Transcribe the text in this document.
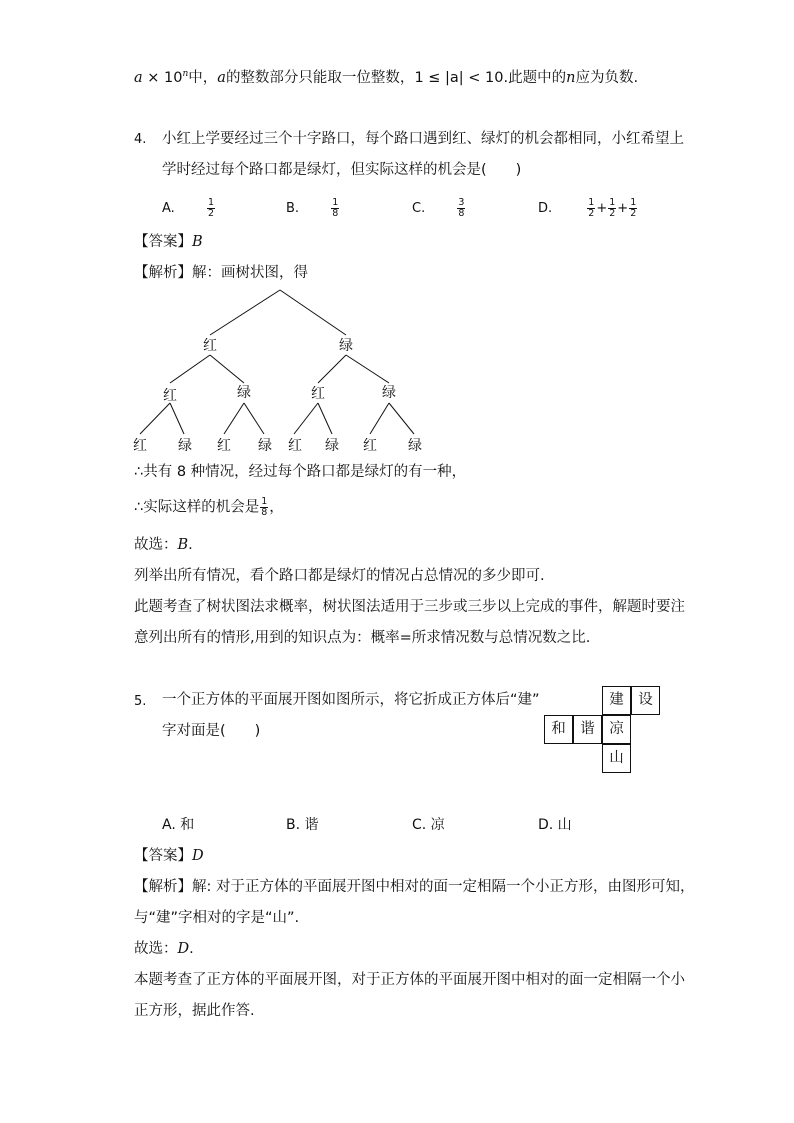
$a \times 10^n$中，a的整数部分只能取一位整数，1 ≤ |a| < 10.此题中的n应为负数.
4. 小红上学要经过三个十字路口，每个路口遇到红、绿灯的机会都相同，小红希望上
学时经过每个路口都是绿灯，但实际这样的机会是(　　)
A.	$\frac{1}{2}$	B.	$\frac{1}{8}$	C.	$\frac{3}{8}$	D.	$\frac{1}{2} + \frac{1}{2} + \frac{1}{2}$
【答案】B
【解析】解：画树状图，得
红	绿
红	绿	红	绿
红 绿 红 绿 红 绿 红 绿
∴共有 8 种情况，经过每个路口都是绿灯的有一种，
∴实际这样的机会是 $\frac{1}{8}$ ，
故选：B.
列举出所有情况，看个路口都是绿灯的情况占总情况的多少即可.
此题考查了树状图法求概率，树状图法适用于三步或三步以上完成的事件，解题时要注
意列出所有的情形,用到的知识点为：概率=所求情况数与总情况数之比.
5. 一个正方体的平面展开图如图所示，将它折成正方体后“建”
字对面是(　　)
建	设
和	谐	凉
山
A. 和	B. 谐	C. 凉	D. 山
【答案】D
【解析】解: 对于正方体的平面展开图中相对的面一定相隔一个小正方形，由图形可知，
与“建”字相对的字是“山”.
故选：D.
本题考查了正方体的平面展开图，对于正方体的平面展开图中相对的面一定相隔一个小
正方形，据此作答.
